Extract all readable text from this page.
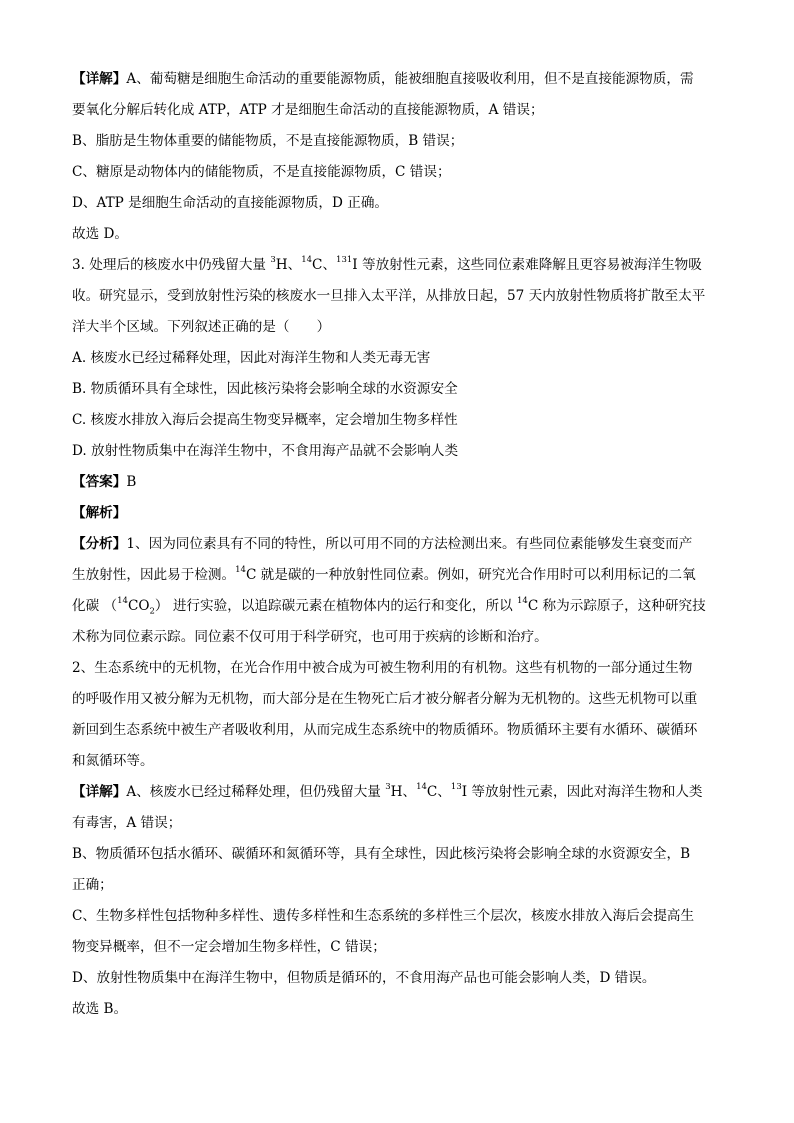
【详解】A、葡萄糖是细胞生命活动的重要能源物质，能被细胞直接吸收利用，但不是直接能源物质，需
要氧化分解后转化成 ATP，ATP 才是细胞生命活动的直接能源物质，A 错误；
B、脂肪是生物体重要的储能物质，不是直接能源物质，B 错误；
C、糖原是动物体内的储能物质，不是直接能源物质，C 错误；
D、ATP 是细胞生命活动的直接能源物质，D 正确。
故选 D。
3. 处理后的核废水中仍残留大量 $^3$H、$^{14}$C、$^{131}$I 等放射性元素，这些同位素难降解且更容易被海洋生物吸
收。研究显示，受到放射性污染的核废水一旦排入太平洋，从排放日起，57 天内放射性物质将扩散至太平
洋大半个区域。下列叙述正确的是（　　）
A. 核废水已经过稀释处理，因此对海洋生物和人类无毒无害
B. 物质循环具有全球性，因此核污染将会影响全球的水资源安全
C. 核废水排放入海后会提高生物变异概率，定会增加生物多样性
D. 放射性物质集中在海洋生物中，不食用海产品就不会影响人类
【答案】B
【解析】
【分析】1、因为同位素具有不同的特性，所以可用不同的方法检测出来。有些同位素能够发生衰变而产
生放射性，因此易于检测。$^{14}$C 就是碳的一种放射性同位素。例如，研究光合作用时可以利用标记的二氧
化碳 $(^{14}CO_2)$ 进行实验，以追踪碳元素在植物体内的运行和变化，所以 $^{14}$C 称为示踪原子，这种研究技
术称为同位素示踪。同位素不仅可用于科学研究，也可用于疾病的诊断和治疗。
2、生态系统中的无机物，在光合作用中被合成为可被生物利用的有机物。这些有机物的一部分通过生物
的呼吸作用又被分解为无机物，而大部分是在生物死亡后才被分解者分解为无机物的。这些无机物可以重
新回到生态系统中被生产者吸收利用，从而完成生态系统中的物质循环。物质循环主要有水循环、碳循环
和氮循环等。
【详解】A、核废水已经过稀释处理，但仍残留大量 $^3$H、$^{14}$C、$^{13}$I 等放射性元素，因此对海洋生物和人类
有毒害，A 错误；
B、物质循环包括水循环、碳循环和氮循环等，具有全球性，因此核污染将会影响全球的水资源安全，B
正确；
C、生物多样性包括物种多样性、遗传多样性和生态系统的多样性三个层次，核废水排放入海后会提高生
物变异概率，但不一定会增加生物多样性，C 错误；
D、放射性物质集中在海洋生物中，但物质是循环的，不食用海产品也可能会影响人类，D 错误。
故选 B。
